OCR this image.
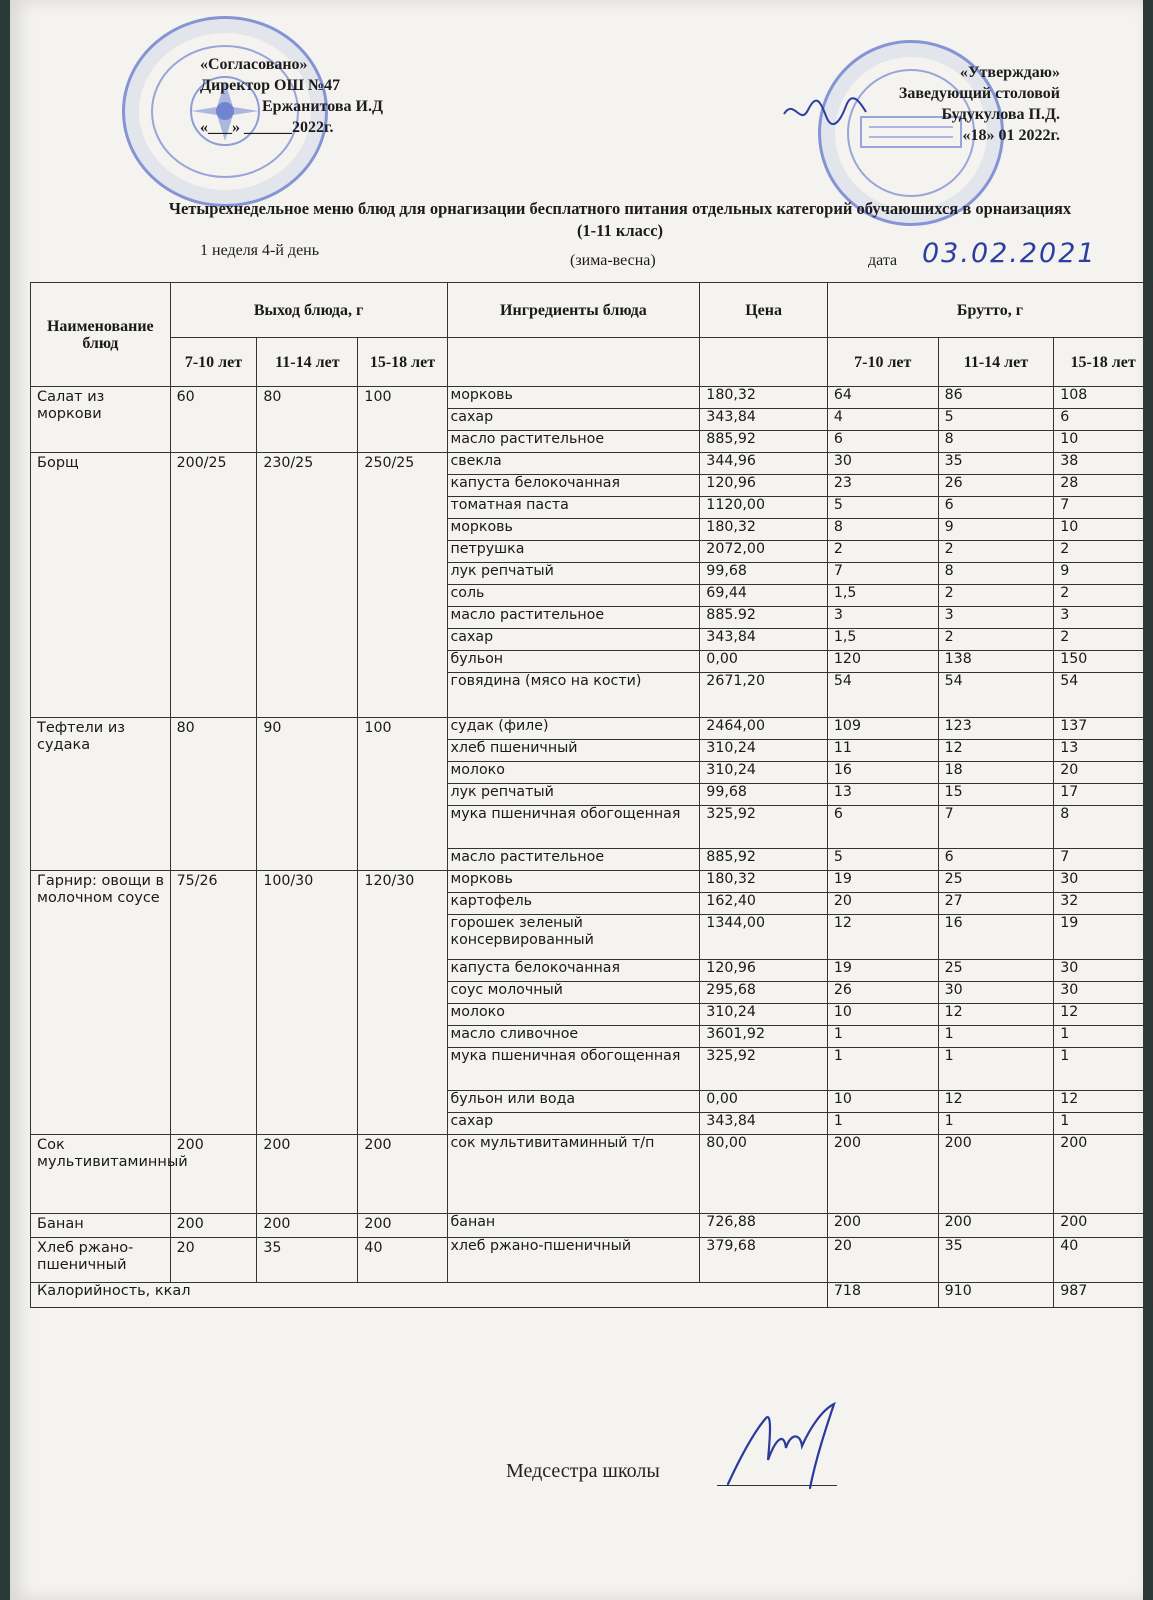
«Согласовано»
Директор ОШ №47
Ержанитова И.Д
«___» ______2022г.
«Утверждаю»
Заведующий столовой
Будукулова П.Д.
«18» 01 2022г.
Четырехнедельное меню блюд для орнагизации бесплатного питания отдельных категорий обучаюшихся в орнаизациях (1-11 класс)
1 неделя 4-й день
(зима-весна)	дата 03.02.2021
Наименование блюд	Выход блюда, г			Ингредиенты блюда	Цена	Брутто, г		
	7-10 лет	11-14 лет	15-18 лет			7-10 лет	11-14 лет	15-18 лет
Салат из моркови	60	80	100	морковь	180,32	64	86	108
				сахар	343,84	4	5	6
				масло растительное	885,92	6	8	10
Борщ	200/25	230/25	250/25	свекла	344,96	30	35	38
				капуста белокочанная	120,96	23	26	28
				томатная паста	1120,00	5	6	7
				морковь	180,32	8	9	10
				петрушка	2072,00	2	2	2
				лук репчатый	99,68	7	8	9
				соль	69,44	1,5	2	2
				масло растительное	885.92	3	3	3
				сахар	343,84	1,5	2	2
				бульон	0,00	120	138	150
				говядина (мясо на кости)	2671,20	54	54	54
Тефтели из судака	80	90	100	судак (филе)	2464,00	109	123	137
				хлеб пшеничный	310,24	11	12	13
				молоко	310,24	16	18	20
				лук репчатый	99,68	13	15	17
				мука пшеничная обогощенная	325,92	6	7	8
				масло растительное	885,92	5	6	7
Гарнир: овощи в молочном соусе	75/26	100/30	120/30	морковь	180,32	19	25	30
				картофель	162,40	20	27	32
				горошек зеленый консервированный	1344,00	12	16	19
				капуста белокочанная	120,96	19	25	30
				соус молочный	295,68	26	30	30
				молоко	310,24	10	12	12
				масло сливочное	3601,92	1	1	1
				мука пшеничная обогощенная	325,92	1	1	1
				бульон или вода	0,00	10	12	12
				сахар	343,84	1	1	1
Сок мультивитаминный	200	200	200	сок мультивитаминный т/п	80,00	200	200	200
Банан	200	200	200	банан	726,88	200	200	200
Хлеб ржано-пшеничный	20	35	40	хлеб ржано-пшеничный	379,68	20	35	40
Калорийность, ккал						718	910	987
Медсестра школы
